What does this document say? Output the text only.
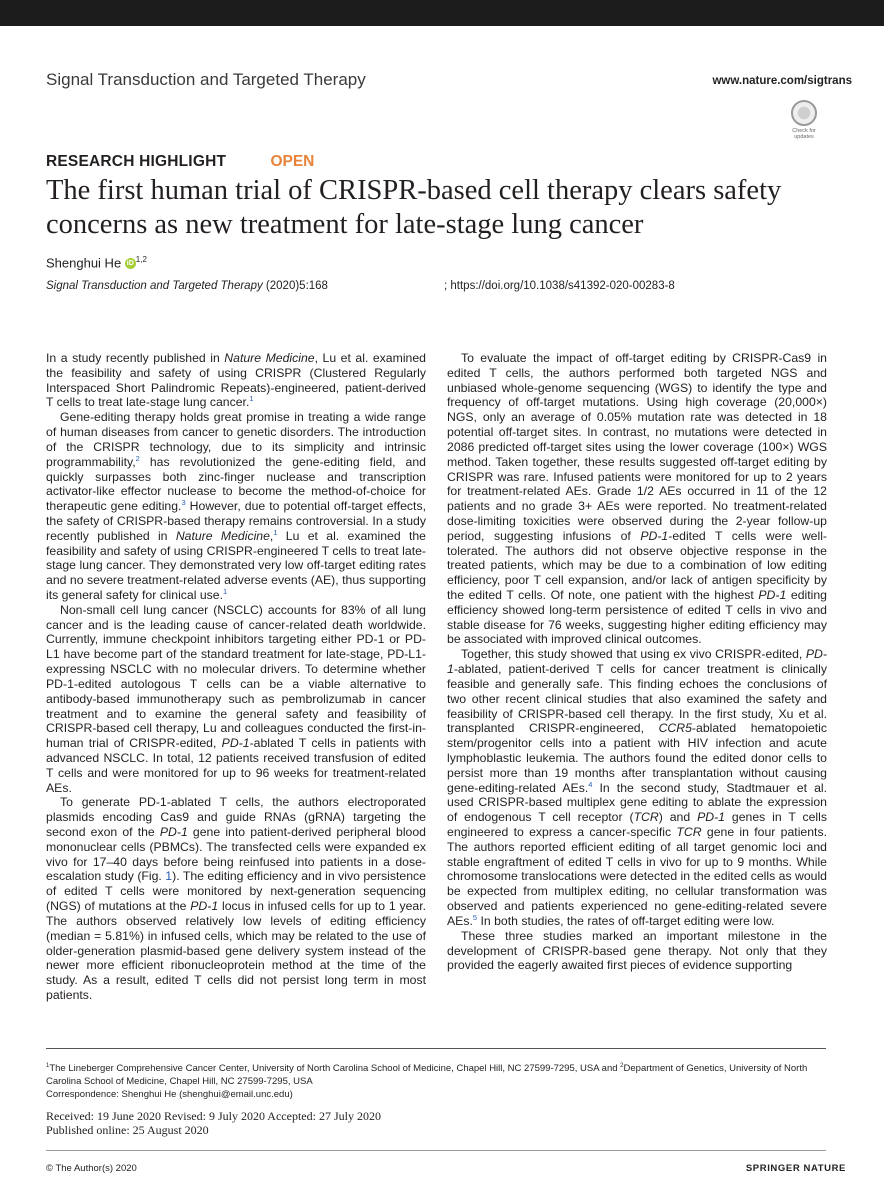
Signal Transduction and Targeted Therapy	www.nature.com/sigtrans
Check for updates
RESEARCH HIGHLIGHT	OPEN
The first human trial of CRISPR-based cell therapy clears safety concerns as new treatment for late-stage lung cancer
Shenghui He iD $^{1,2}$
Signal Transduction and Targeted Therapy (2020)5:168	; https://doi.org/10.1038/s41392-020-00283-8

In a study recently published in Nature Medicine, Lu et al. examined the feasibility and safety of using CRISPR (Clustered Regularly Interspaced Short Palindromic Repeats)-engineered, patient-derived T cells to treat late-stage lung cancer.$^1$

Gene-editing therapy holds great promise in treating a wide range of human diseases from cancer to genetic disorders. The introduction of the CRISPR technology, due to its simplicity and intrinsic programmability,$^2$ has revolutionized the gene-editing field, and quickly surpasses both zinc-finger nuclease and transcription activator-like effector nuclease to become the method-of-choice for therapeutic gene editing.$^3$ However, due to potential off-target effects, the safety of CRISPR-based therapy remains controversial. In a study recently published in Nature Medicine,$^1$ Lu et al. examined the feasibility and safety of using CRISPR-engineered T cells to treat late-stage lung cancer. They demonstrated very low off-target editing rates and no severe treatment-related adverse events (AE), thus supporting its general safety for clinical use.$^1$

Non-small cell lung cancer (NSCLC) accounts for 83% of all lung cancer and is the leading cause of cancer-related death worldwide. Currently, immune checkpoint inhibitors targeting either PD-1 or PD-L1 have become part of the standard treatment for late-stage, PD-L1-expressing NSCLC with no molecular drivers. To determine whether PD-1-edited autologous T cells can be a viable alternative to antibody-based immunotherapy such as pembrolizumab in cancer treatment and to examine the general safety and feasibility of CRISPR-based cell therapy, Lu and colleagues conducted the first-in-human trial of CRISPR-edited, PD-1-ablated T cells in patients with advanced NSCLC. In total, 12 patients received transfusion of edited T cells and were monitored for up to 96 weeks for treatment-related AEs.

To generate PD-1-ablated T cells, the authors electroporated plasmids encoding Cas9 and guide RNAs (gRNA) targeting the second exon of the PD-1 gene into patient-derived peripheral blood mononuclear cells (PBMCs). The transfected cells were expanded ex vivo for 17–40 days before being reinfused into patients in a dose-escalation study (Fig. 1). The editing efficiency and in vivo persistence of edited T cells were monitored by next-generation sequencing (NGS) of mutations at the PD-1 locus in infused cells for up to 1 year. The authors observed relatively low levels of editing efficiency (median = 5.81%) in infused cells, which may be related to the use of older-generation plasmid-based gene delivery system instead of the newer more efficient ribonucleoprotein method at the time of the study. As a result, edited T cells did not persist long term in most patients.

To evaluate the impact of off-target editing by CRISPR-Cas9 in edited T cells, the authors performed both targeted NGS and unbiased whole-genome sequencing (WGS) to identify the type and frequency of off-target mutations. Using high coverage (20,000×) NGS, only an average of 0.05% mutation rate was detected in 18 potential off-target sites. In contrast, no mutations were detected in 2086 predicted off-target sites using the lower coverage (100×) WGS method. Taken together, these results suggested off-target editing by CRISPR was rare. Infused patients were monitored for up to 2 years for treatment-related AEs. Grade 1/2 AEs occurred in 11 of the 12 patients and no grade 3+ AEs were reported. No treatment-related dose-limiting toxicities were observed during the 2-year follow-up period, suggesting infusions of PD-1-edited T cells were well-tolerated. The authors did not observe objective response in the treated patients, which may be due to a combination of low editing efficiency, poor T cell expansion, and/or lack of antigen specificity by the edited T cells. Of note, one patient with the highest PD-1 editing efficiency showed long-term persistence of edited T cells in vivo and stable disease for 76 weeks, suggesting higher editing efficiency may be associated with improved clinical outcomes.

Together, this study showed that using ex vivo CRISPR-edited, PD-1-ablated, patient-derived T cells for cancer treatment is clinically feasible and generally safe. This finding echoes the conclusions of two other recent clinical studies that also examined the safety and feasibility of CRISPR-based cell therapy. In the first study, Xu et al. transplanted CRISPR-engineered, CCR5-ablated hematopoietic stem/progenitor cells into a patient with HIV infection and acute lymphoblastic leukemia. The authors found the edited donor cells to persist more than 19 months after transplantation without causing gene-editing-related AEs.$^4$ In the second study, Stadtmauer et al. used CRISPR-based multiplex gene editing to ablate the expression of endogenous T cell receptor (TCR) and PD-1 genes in T cells engineered to express a cancer-specific TCR gene in four patients. The authors reported efficient editing of all target genomic loci and stable engraftment of edited T cells in vivo for up to 9 months. While chromosome translocations were detected in the edited cells as would be expected from multiplex editing, no cellular transformation was observed and patients experienced no gene-editing-related severe AEs.$^5$ In both studies, the rates of off-target editing were low.

These three studies marked an important milestone in the development of CRISPR-based gene therapy. Not only that they provided the eagerly awaited first pieces of evidence supporting

$^1$The Lineberger Comprehensive Cancer Center, University of North Carolina School of Medicine, Chapel Hill, NC 27599-7295, USA and $^2$Department of Genetics, University of North Carolina School of Medicine, Chapel Hill, NC 27599-7295, USA

Correspondence: Shenghui He (shenghui@email.unc.edu)

Received: 19 June 2020 Revised: 9 July 2020 Accepted: 27 July 2020

Published online: 25 August 2020

© The Author(s) 2020	SPRINGER NATURE
